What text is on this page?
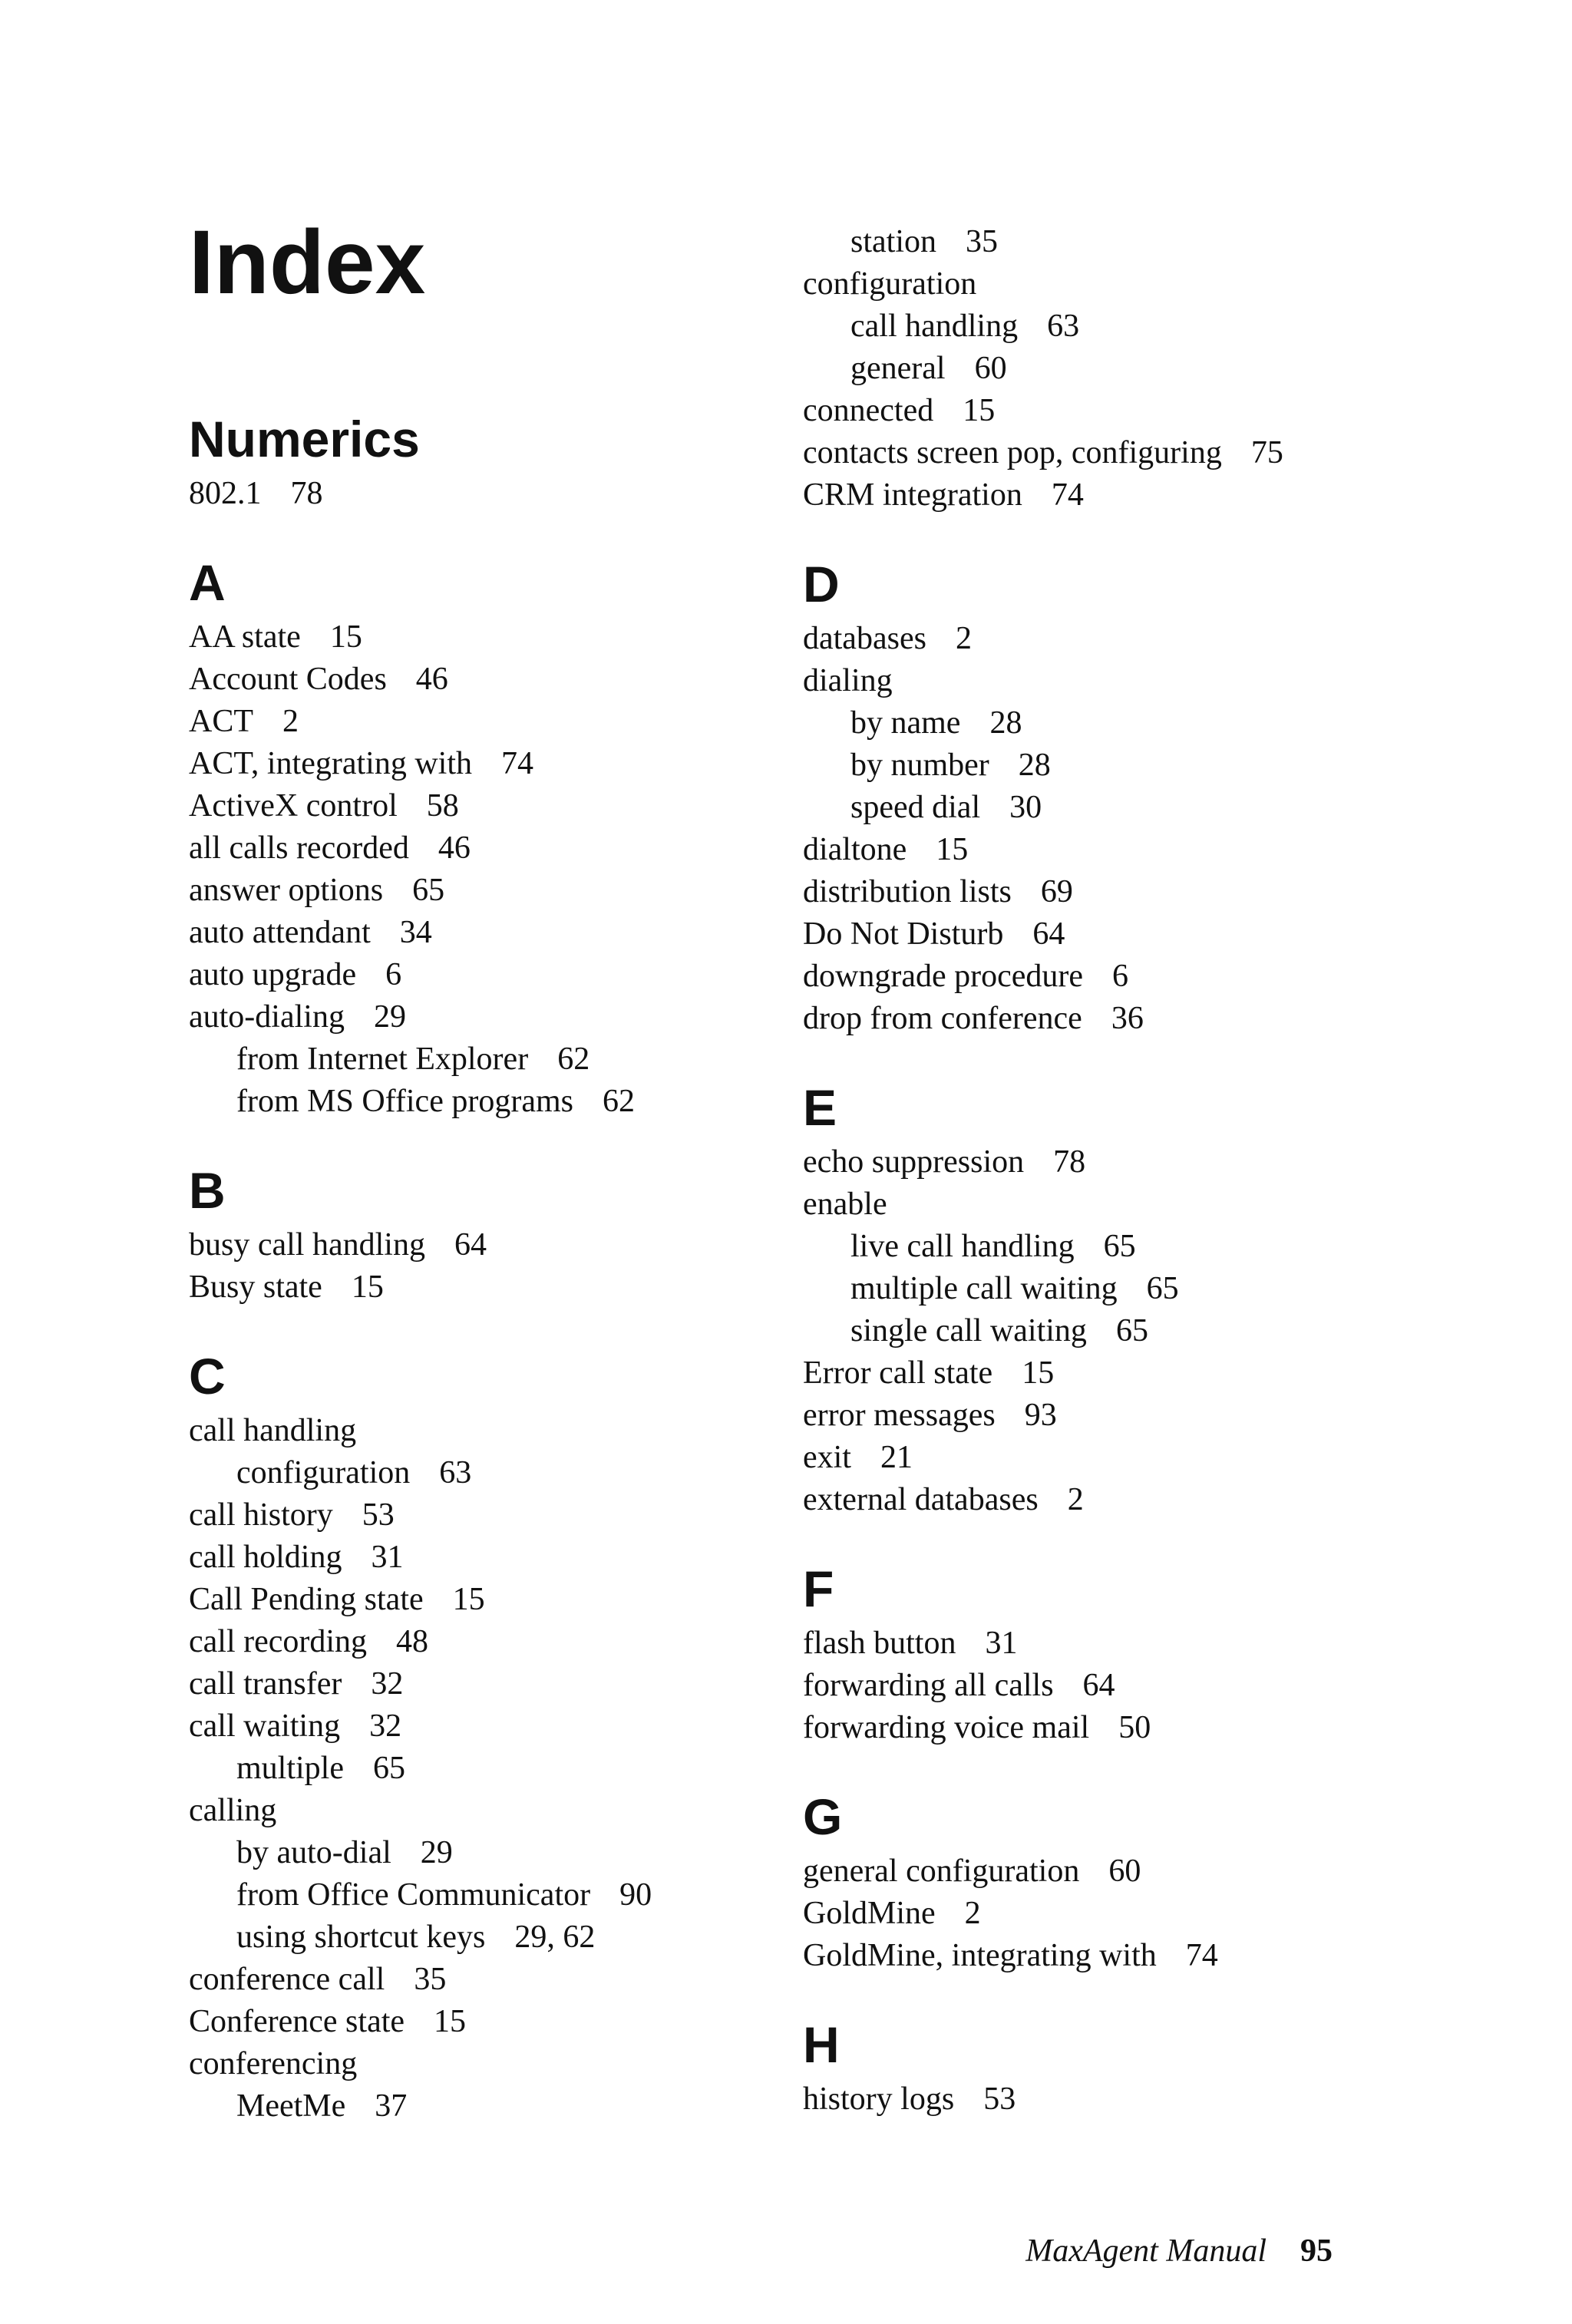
Index
Numerics
802.1 78
A
AA state 15
Account Codes 46
ACT 2
ACT, integrating with 74
ActiveX control 58
all calls recorded 46
answer options 65
auto attendant 34
auto upgrade 6
auto-dialing 29
from Internet Explorer 62
from MS Office programs 62
B
busy call handling 64
Busy state 15
C
call handling
configuration 63
call history 53
call holding 31
Call Pending state 15
call recording 48
call transfer 32
call waiting 32
multiple 65
calling
by auto-dial 29
from Office Communicator 90
using shortcut keys 29, 62
conference call 35
Conference state 15
conferencing
MeetMe 37
station 35
configuration
call handling 63
general 60
connected 15
contacts screen pop, configuring 75
CRM integration 74
D
databases 2
dialing
by name 28
by number 28
speed dial 30
dialtone 15
distribution lists 69
Do Not Disturb 64
downgrade procedure 6
drop from conference 36
E
echo suppression 78
enable
live call handling 65
multiple call waiting 65
single call waiting 65
Error call state 15
error messages 93
exit 21
external databases 2
F
flash button 31
forwarding all calls 64
forwarding voice mail 50
G
general configuration 60
GoldMine 2
GoldMine, integrating with 74
H
history logs 53
MaxAgent Manual 95
